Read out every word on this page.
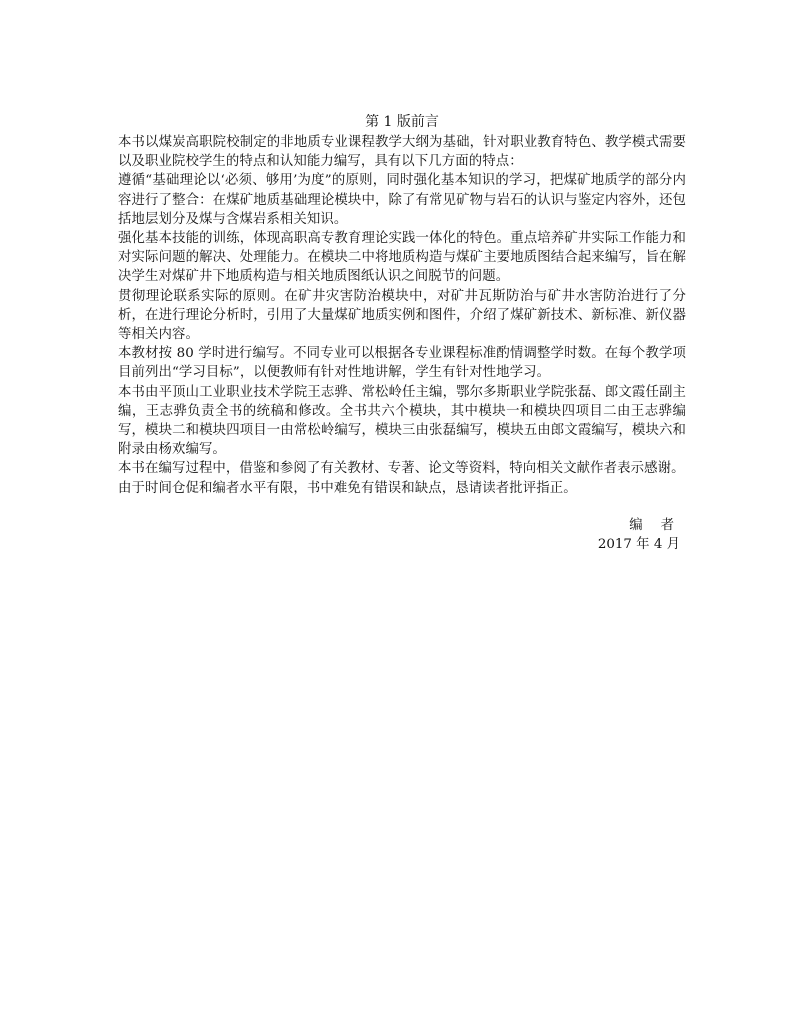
第 1 版前言

本书以煤炭高职院校制定的非地质专业课程教学大纲为基础，针对职业教育特色、教学模式需要以及职业院校学生的特点和认知能力编写，具有以下几方面的特点：

遵循“基础理论以‘必须、够用’为度”的原则，同时强化基本知识的学习，把煤矿地质学的部分内容进行了整合：在煤矿地质基础理论模块中，除了有常见矿物与岩石的认识与鉴定内容外，还包括地层划分及煤与含煤岩系相关知识。

强化基本技能的训练，体现高职高专教育理论实践一体化的特色。重点培养矿井实际工作能力和对实际问题的解决、处理能力。在模块二中将地质构造与煤矿主要地质图结合起来编写，旨在解决学生对煤矿井下地质构造与相关地质图纸认识之间脱节的问题。

贯彻理论联系实际的原则。在矿井灾害防治模块中，对矿井瓦斯防治与矿井水害防治进行了分析，在进行理论分析时，引用了大量煤矿地质实例和图件，介绍了煤矿新技术、新标准、新仪器等相关内容。

本教材按 80 学时进行编写。不同专业可以根据各专业课程标准酌情调整学时数。在每个教学项目前列出“学习目标”，以便教师有针对性地讲解，学生有针对性地学习。

本书由平顶山工业职业技术学院王志骅、常松岭任主编，鄂尔多斯职业学院张磊、郎文霞任副主编，王志骅负责全书的统稿和修改。全书共六个模块，其中模块一和模块四项目二由王志骅编写，模块二和模块四项目一由常松岭编写，模块三由张磊编写，模块五由郎文霞编写，模块六和附录由杨欢编写。

本书在编写过程中，借鉴和参阅了有关教材、专著、论文等资料，特向相关文献作者表示感谢。

由于时间仓促和编者水平有限，书中难免有错误和缺点，恳请读者批评指正。

编者

2017 年 4 月
